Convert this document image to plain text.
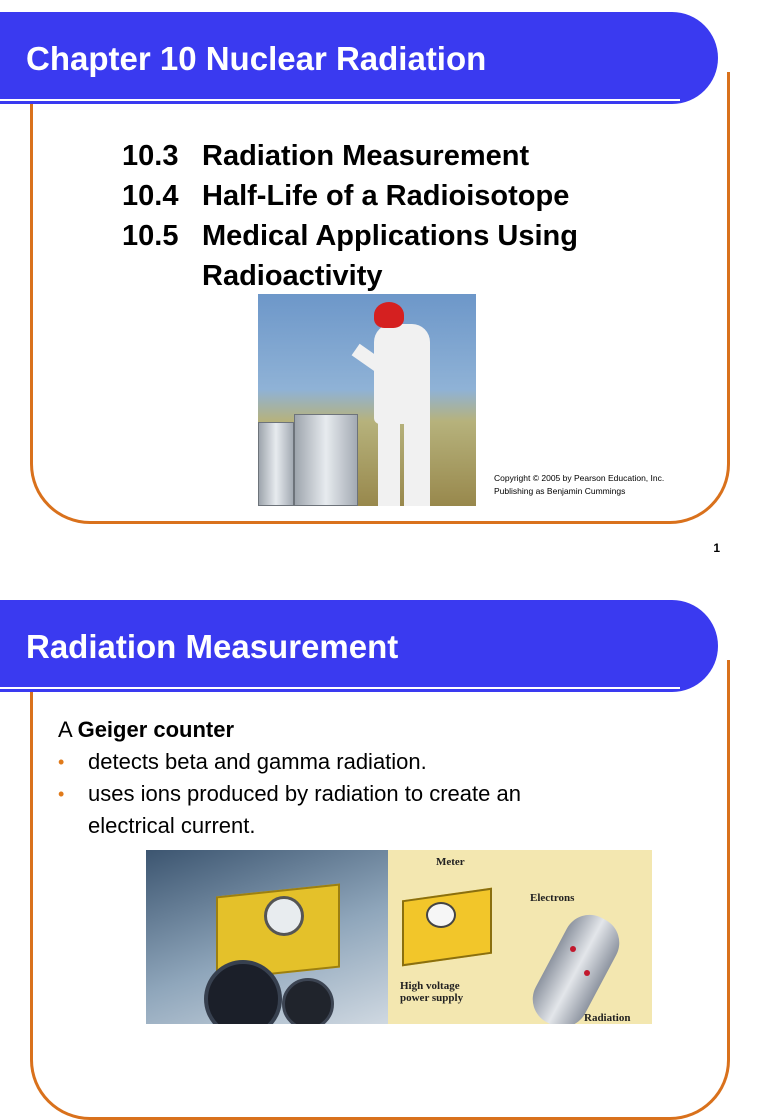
Chapter 10 Nuclear Radiation
10.3 Radiation Measurement
10.4 Half-Life of a Radioisotope
10.5 Medical Applications Using
Radioactivity
Copyright © 2005 by Pearson Education, Inc.
Publishing as Benjamin Cummings
1
Radiation Measurement
A Geiger counter
• detects beta and gamma radiation.
• uses ions produced by radiation to create an
electrical current.
Meter
Electrons
High voltage
power supply
Radiation
